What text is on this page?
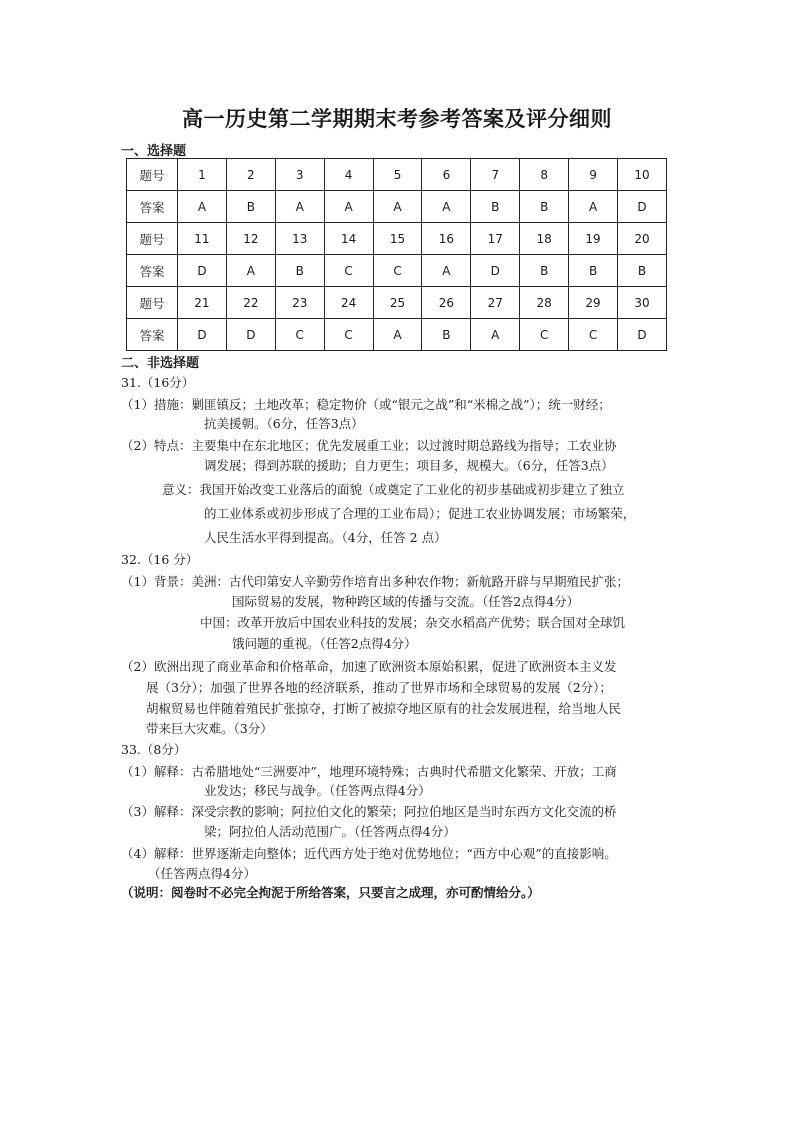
高一历史第二学期期末考参考答案及评分细则
一、选择题
题号	1	2	3	4	5	6	7	8	9	10
答案	A	B	A	A	A	A	B	B	A	D
题号	11	12	13	14	15	16	17	18	19	20
答案	D	A	B	C	C	A	D	B	B	B
题号	21	22	23	24	25	26	27	28	29	30
答案	D	D	C	C	A	B	A	C	C	D
二、非选择题
31.（16分）
（1）措施：剿匪镇反；土地改革；稳定物价（或“银元之战”和“米棉之战”）；统一财经；
抗美援朝。（6分，任答3点）
（2）特点：主要集中在东北地区；优先发展重工业；以过渡时期总路线为指导；工农业协
调发展；得到苏联的援助；自力更生；项目多，规模大。（6分，任答3点）
意义：我国开始改变工业落后的面貌（或奠定了工业化的初步基础或初步建立了独立
的工业体系或初步形成了合理的工业布局）；促进工农业协调发展；市场繁荣，
人民生活水平得到提高。（4分，任答 2 点）
32.（16 分）
（1）背景：美洲：古代印第安人辛勤劳作培育出多种农作物；新航路开辟与早期殖民扩张；
国际贸易的发展，物种跨区域的传播与交流。（任答2点得4分）
中国：改革开放后中国农业科技的发展；杂交水稻高产优势；联合国对全球饥
饿问题的重视。（任答2点得4分）
（2）欧洲出现了商业革命和价格革命，加速了欧洲资本原始积累，促进了欧洲资本主义发
展（3分）；加强了世界各地的经济联系，推动了世界市场和全球贸易的发展（2分）；
胡椒贸易也伴随着殖民扩张掠夺，打断了被掠夺地区原有的社会发展进程，给当地人民
带来巨大灾难。（3分）
33.（8分）
（1）解释：古希腊地处“三洲要冲”，地理环境特殊；古典时代希腊文化繁荣、开放；工商
业发达；移民与战争。（任答两点得4分）
（3）解释：深受宗教的影响；阿拉伯文化的繁荣；阿拉伯地区是当时东西方文化交流的桥
梁；阿拉伯人活动范围广。（任答两点得4分）
（4）解释：世界逐渐走向整体；近代西方处于绝对优势地位；“西方中心观”的直接影响。
（任答两点得4分）
（说明：阅卷时不必完全拘泥于所给答案，只要言之成理，亦可酌情给分。）
